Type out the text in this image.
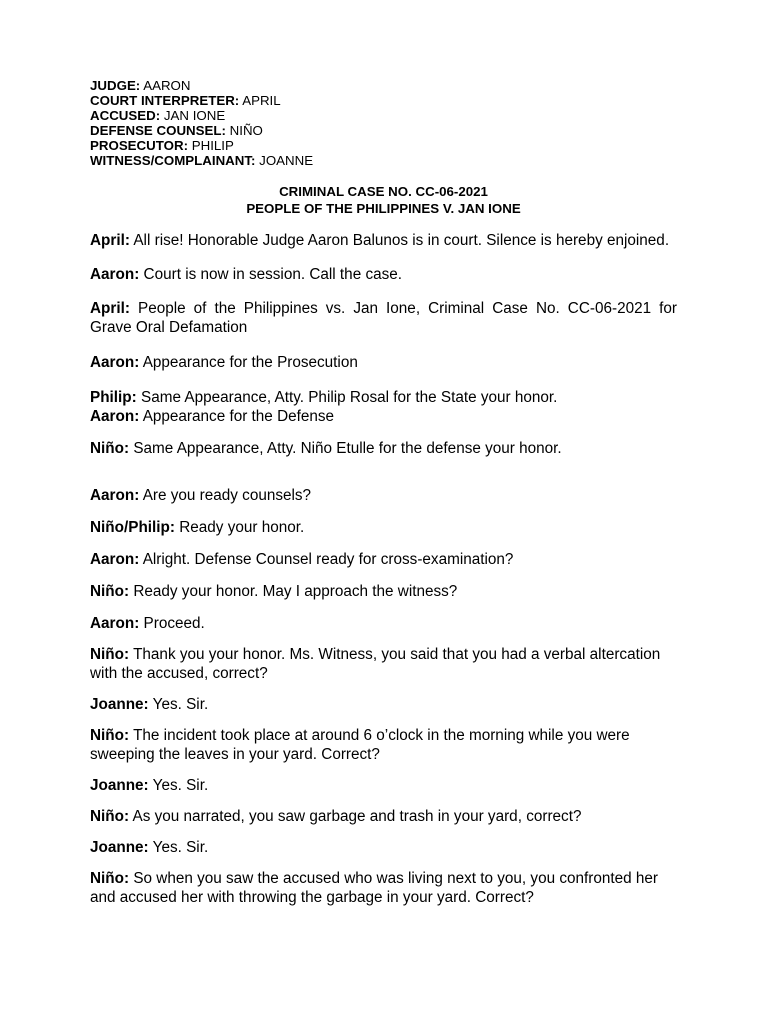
JUDGE: AARON
COURT INTERPRETER: APRIL
ACCUSED: JAN IONE
DEFENSE COUNSEL: NIÑO
PROSECUTOR: PHILIP
WITNESS/COMPLAINANT: JOANNE
CRIMINAL CASE NO. CC-06-2021
PEOPLE OF THE PHILIPPINES V. JAN IONE

April: All rise! Honorable Judge Aaron Balunos is in court. Silence is hereby enjoined.

Aaron: Court is now in session. Call the case.

April: People of the Philippines vs. Jan Ione, Criminal Case No. CC-06-2021 for Grave Oral Defamation

Aaron: Appearance for the Prosecution

Philip: Same Appearance, Atty. Philip Rosal for the State your honor.

Aaron: Appearance for the Defense

Niño: Same Appearance, Atty. Niño Etulle for the defense your honor.

Aaron: Are you ready counsels?

Niño/Philip: Ready your honor.

Aaron: Alright. Defense Counsel ready for cross-examination?

Niño: Ready your honor. May I approach the witness?

Aaron: Proceed.

Niño: Thank you your honor. Ms. Witness, you said that you had a verbal altercation with the accused, correct?

Joanne: Yes. Sir.

Niño: The incident took place at around 6 o’clock in the morning while you were sweeping the leaves in your yard. Correct?

Joanne: Yes. Sir.

Niño: As you narrated, you saw garbage and trash in your yard, correct?

Joanne: Yes. Sir.

Niño: So when you saw the accused who was living next to you, you confronted her and accused her with throwing the garbage in your yard. Correct?
